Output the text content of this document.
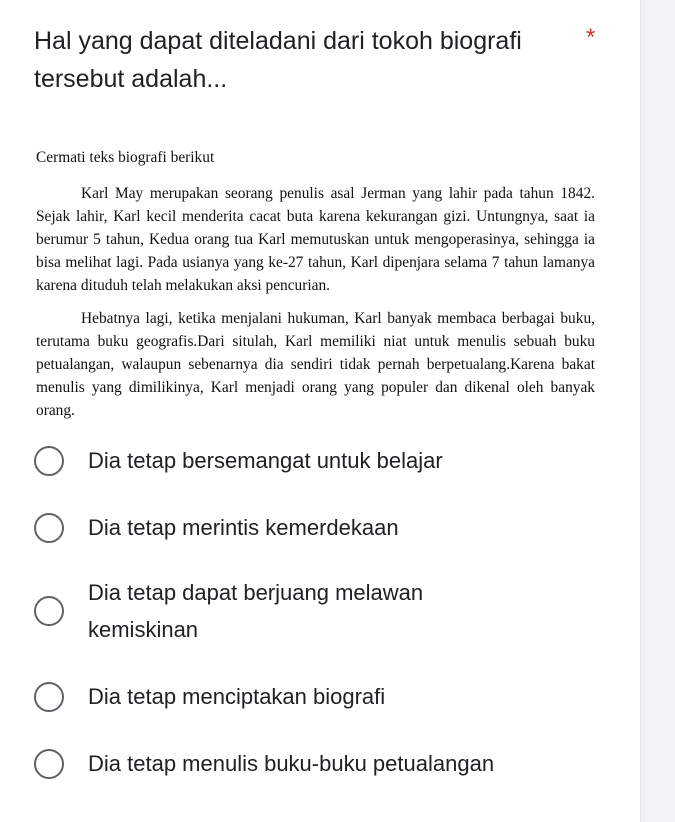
Hal yang dapat diteladani dari tokoh biografi tersebut adalah...
*
Cermati teks biografi berikut

Karl May merupakan seorang penulis asal Jerman yang lahir pada tahun 1842. Sejak lahir, Karl kecil menderita cacat buta karena kekurangan gizi. Untungnya, saat ia berumur 5 tahun, Kedua orang tua Karl memutuskan untuk mengoperasinya, sehingga ia bisa melihat lagi. Pada usianya yang ke-27 tahun, Karl dipenjara selama 7 tahun lamanya karena dituduh telah melakukan aksi pencurian.

Hebatnya lagi, ketika menjalani hukuman, Karl banyak membaca berbagai buku, terutama buku geografis.Dari situlah, Karl memiliki niat untuk menulis sebuah buku petualangan, walaupun sebenarnya dia sendiri tidak pernah berpetualang.Karena bakat menulis yang dimilikinya, Karl menjadi orang yang populer dan dikenal oleh banyak orang.

Dia tetap bersemangat untuk belajar
Dia tetap merintis kemerdekaan
Dia tetap dapat berjuang melawan kemiskinan
Dia tetap menciptakan biografi
Dia tetap menulis buku-buku petualangan
